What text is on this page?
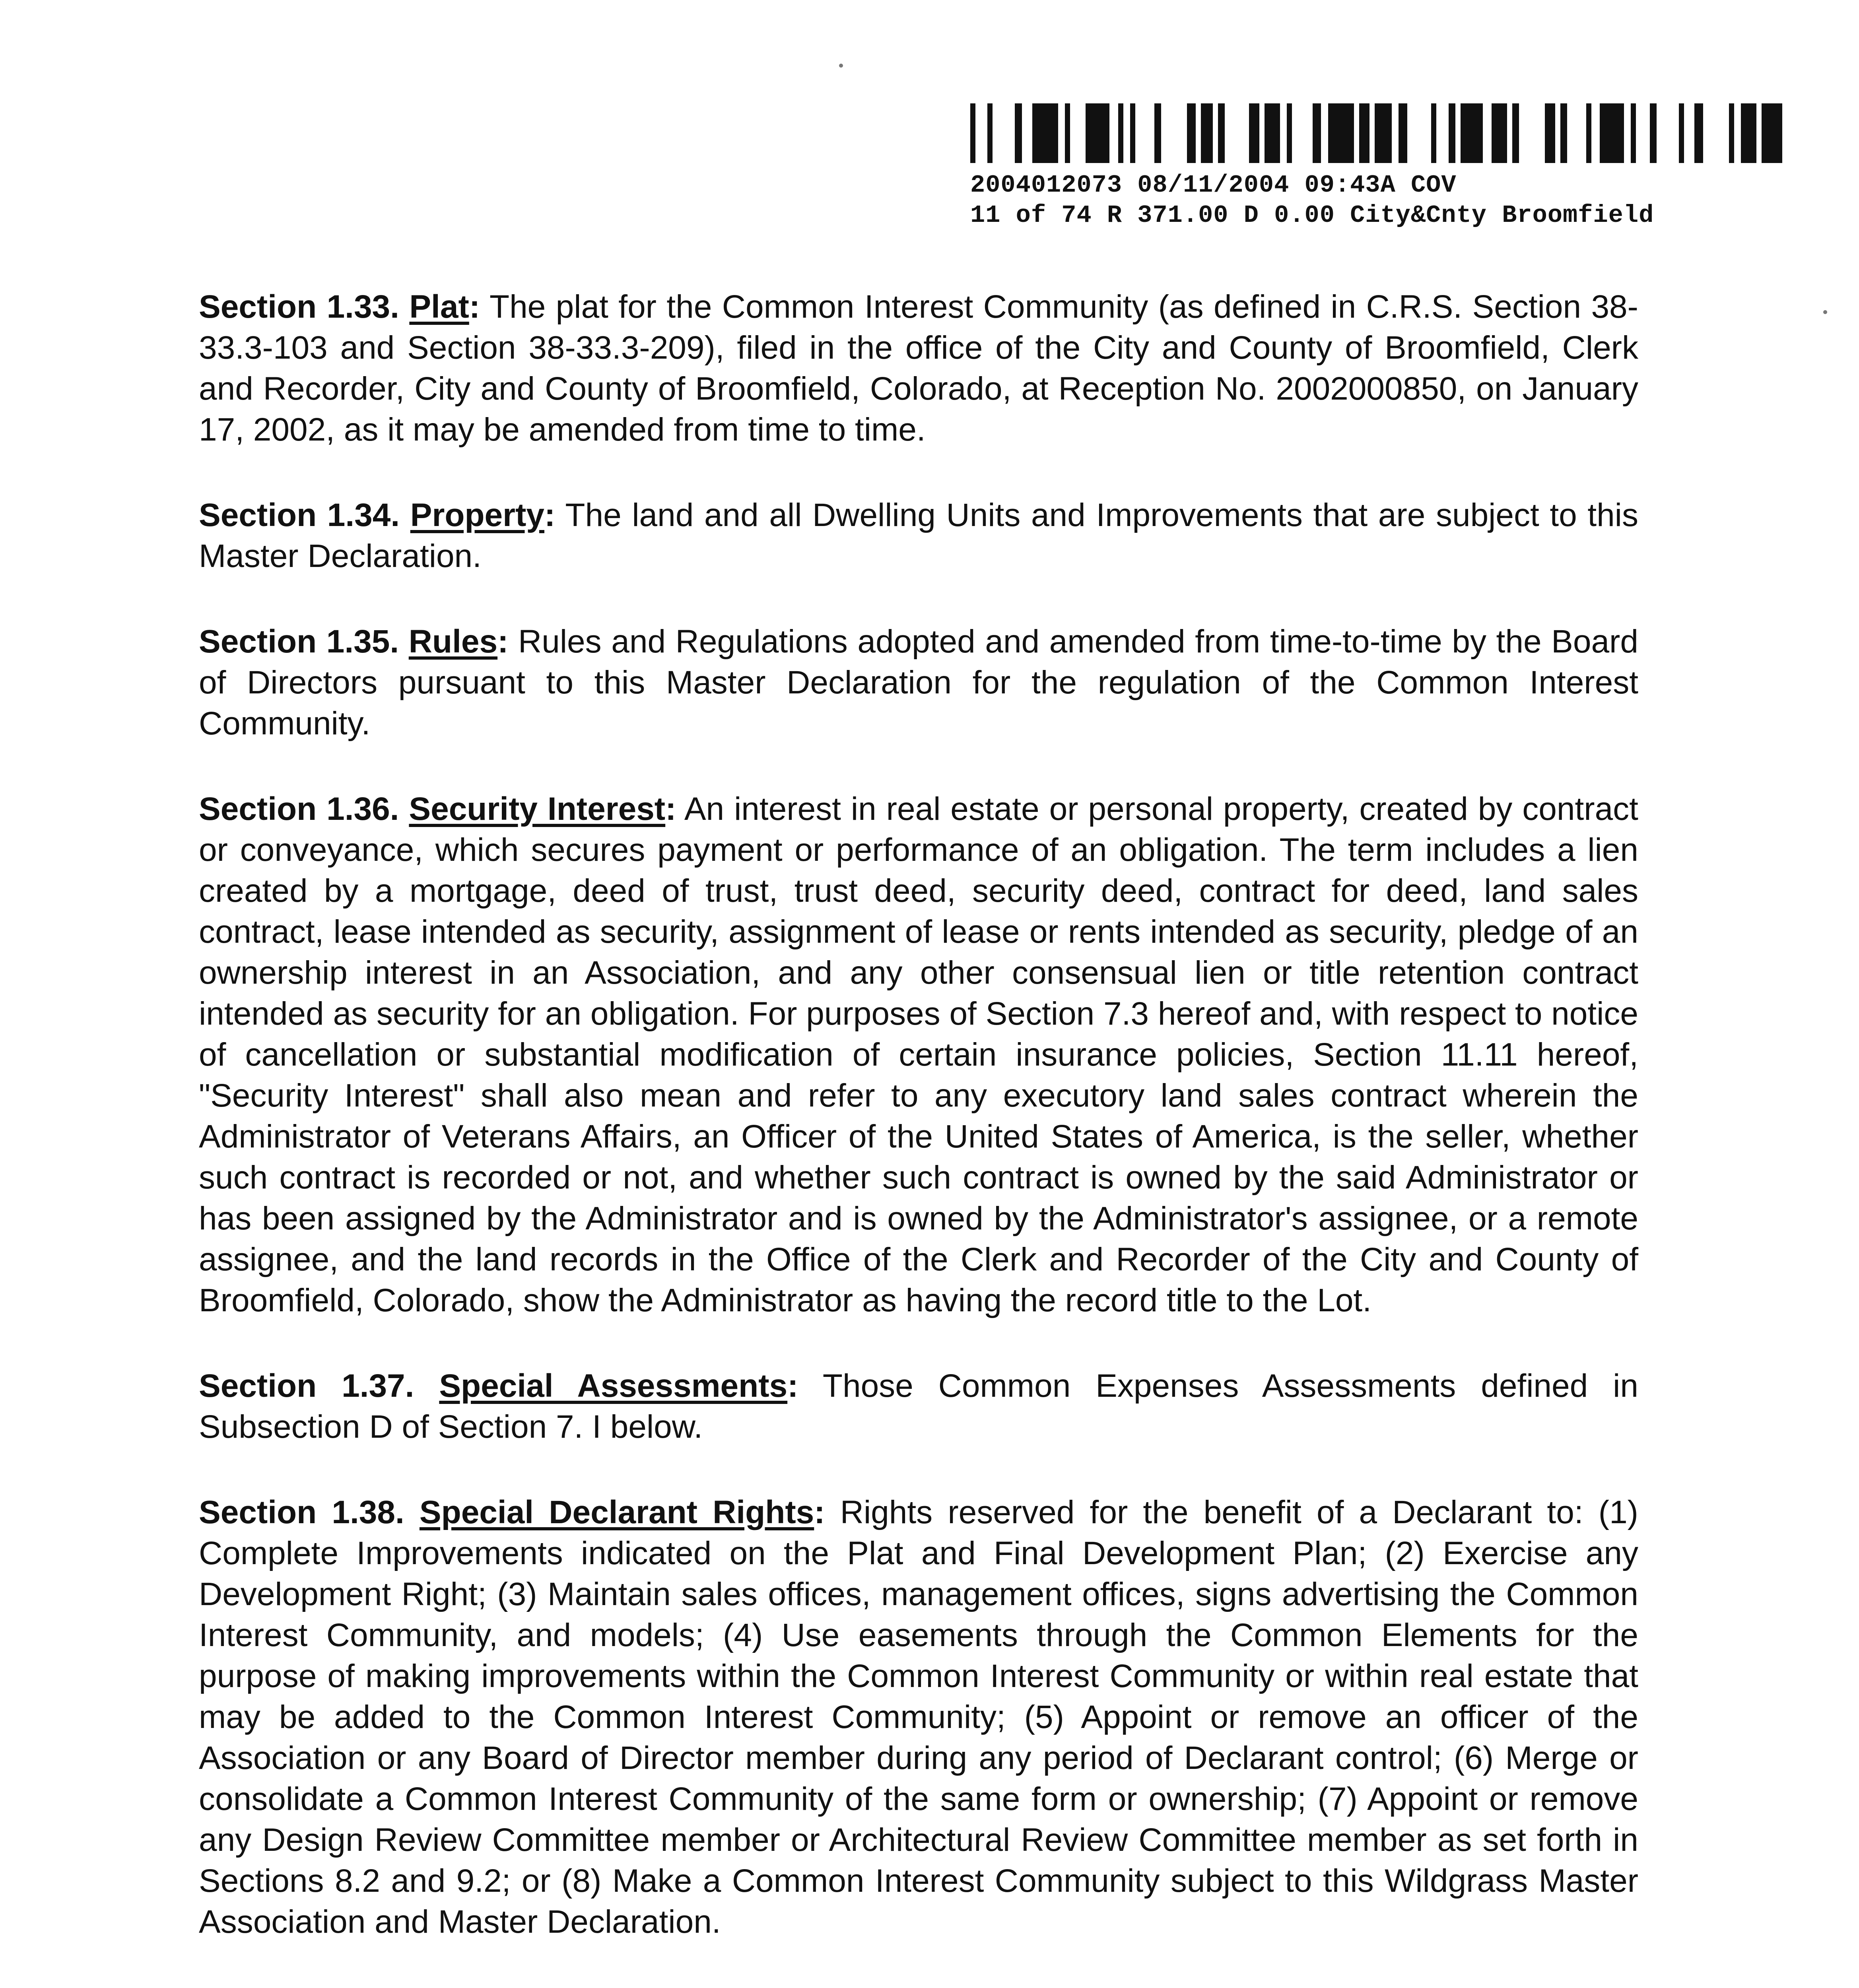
2004012073 08/11/2004 09:43A COV
11 of 74 R 371.00 D 0.00 City&Cnty Broomfield

Section 1.33. Plat: The plat for the Common Interest Community (as defined in C.R.S. Section 38-33.3-103 and Section 38-33.3-209), filed in the office of the City and County of Broomfield, Clerk and Recorder, City and County of Broomfield, Colorado, at Reception No. 2002000850, on January 17, 2002, as it may be amended from time to time.

Section 1.34. Property: The land and all Dwelling Units and Improvements that are subject to this Master Declaration.

Section 1.35. Rules: Rules and Regulations adopted and amended from time-to-time by the Board of Directors pursuant to this Master Declaration for the regulation of the Common Interest Community.

Section 1.36. Security Interest: An interest in real estate or personal property, created by contract or conveyance, which secures payment or performance of an obligation. The term includes a lien created by a mortgage, deed of trust, trust deed, security deed, contract for deed, land sales contract, lease intended as security, assignment of lease or rents intended as security, pledge of an ownership interest in an Association, and any other consensual lien or title retention contract intended as security for an obligation. For purposes of Section 7.3 hereof and, with respect to notice of cancellation or substantial modification of certain insurance policies, Section 11.11 hereof, "Security Interest" shall also mean and refer to any executory land sales contract wherein the Administrator of Veterans Affairs, an Officer of the United States of America, is the seller, whether such contract is recorded or not, and whether such contract is owned by the said Administrator or has been assigned by the Administrator and is owned by the Administrator's assignee, or a remote assignee, and the land records in the Office of the Clerk and Recorder of the City and County of Broomfield, Colorado, show the Administrator as having the record title to the Lot.

Section 1.37. Special Assessments: Those Common Expenses Assessments defined in Subsection D of Section 7. I below.

Section 1.38. Special Declarant Rights: Rights reserved for the benefit of a Declarant to: (1) Complete Improvements indicated on the Plat and Final Development Plan; (2) Exercise any Development Right; (3) Maintain sales offices, management offices, signs advertising the Common Interest Community, and models; (4) Use easements through the Common Elements for the purpose of making improvements within the Common Interest Community or within real estate that may be added to the Common Interest Community; (5) Appoint or remove an officer of the Association or any Board of Director member during any period of Declarant control; (6) Merge or consolidate a Common Interest Community of the same form or ownership; (7) Appoint or remove any Design Review Committee member or Architectural Review Committee member as set forth in Sections 8.2 and 9.2; or (8) Make a Common Interest Community subject to this Wildgrass Master Association and Master Declaration.
